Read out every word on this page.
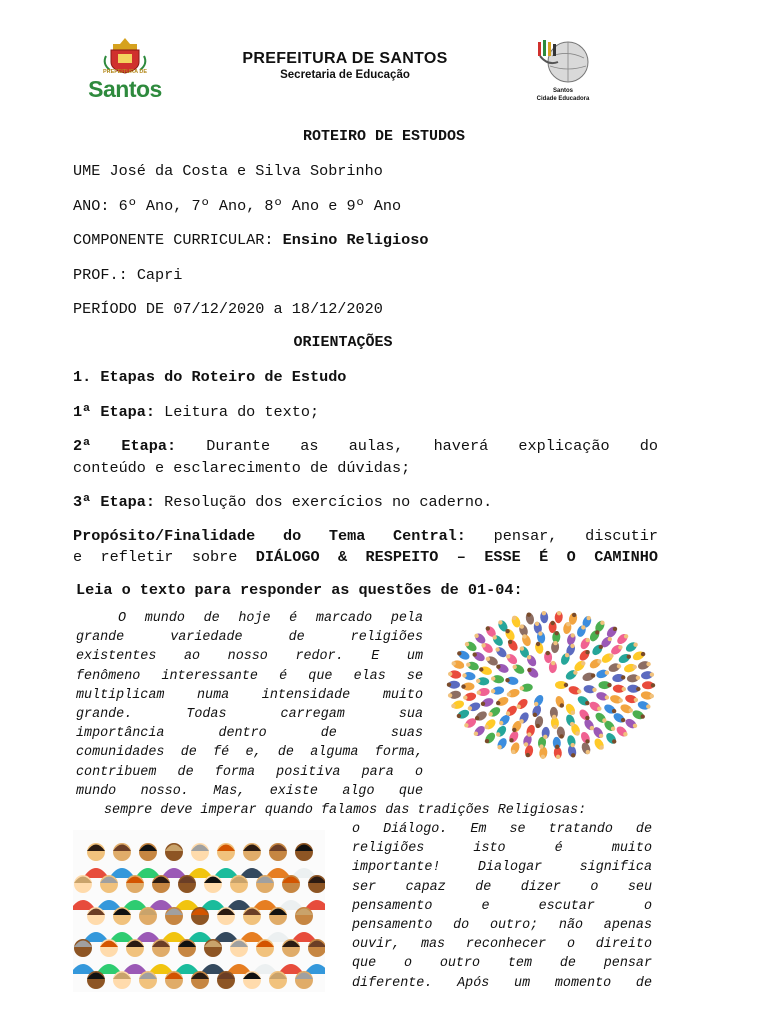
PREFEITURA DE
Santos
PREFEITURA DE SANTOS
Secretaria de Educação
Santos
Cidade Educadora
ROTEIRO DE ESTUDOS
UME José da Costa e Silva Sobrinho
ANO: 6º Ano, 7º Ano, 8º Ano e 9º Ano
COMPONENTE CURRICULAR: Ensino Religioso
PROF.: Capri
PERÍODO DE 07/12/2020 a 18/12/2020
ORIENTAÇÕES
1. Etapas do Roteiro de Estudo
1ª Etapa: Leitura do texto;
2ª Etapa: Durante as aulas, haverá explicação do
conteúdo e esclarecimento de dúvidas;
3ª Etapa: Resolução dos exercícios no caderno.
Propósito/Finalidade do Tema Central: pensar, discutir
e refletir sobre DIÁLOGO & RESPEITO – ESSE É O CAMINHO
Leia o texto para responder as questões de 01-04:
O mundo de hoje é marcado pela
grande variedade de religiões
existentes ao nosso redor. E um
fenômeno interessante é que elas se
multiplicam numa intensidade muito
grande. Todas carregam sua
importância dentro de suas
comunidades de fé e, de alguma forma,
contribuem de forma positiva para o
mundo nosso. Mas, existe algo que
sempre deve imperar quando falamos das tradições Religiosas:
o Diálogo. Em se tratando de
religiões isto é muito
importante! Dialogar significa
ser capaz de dizer o seu
pensamento e escutar o
pensamento do outro; não apenas
ouvir, mas reconhecer o direito
que o outro tem de pensar
diferente. Após um momento de
